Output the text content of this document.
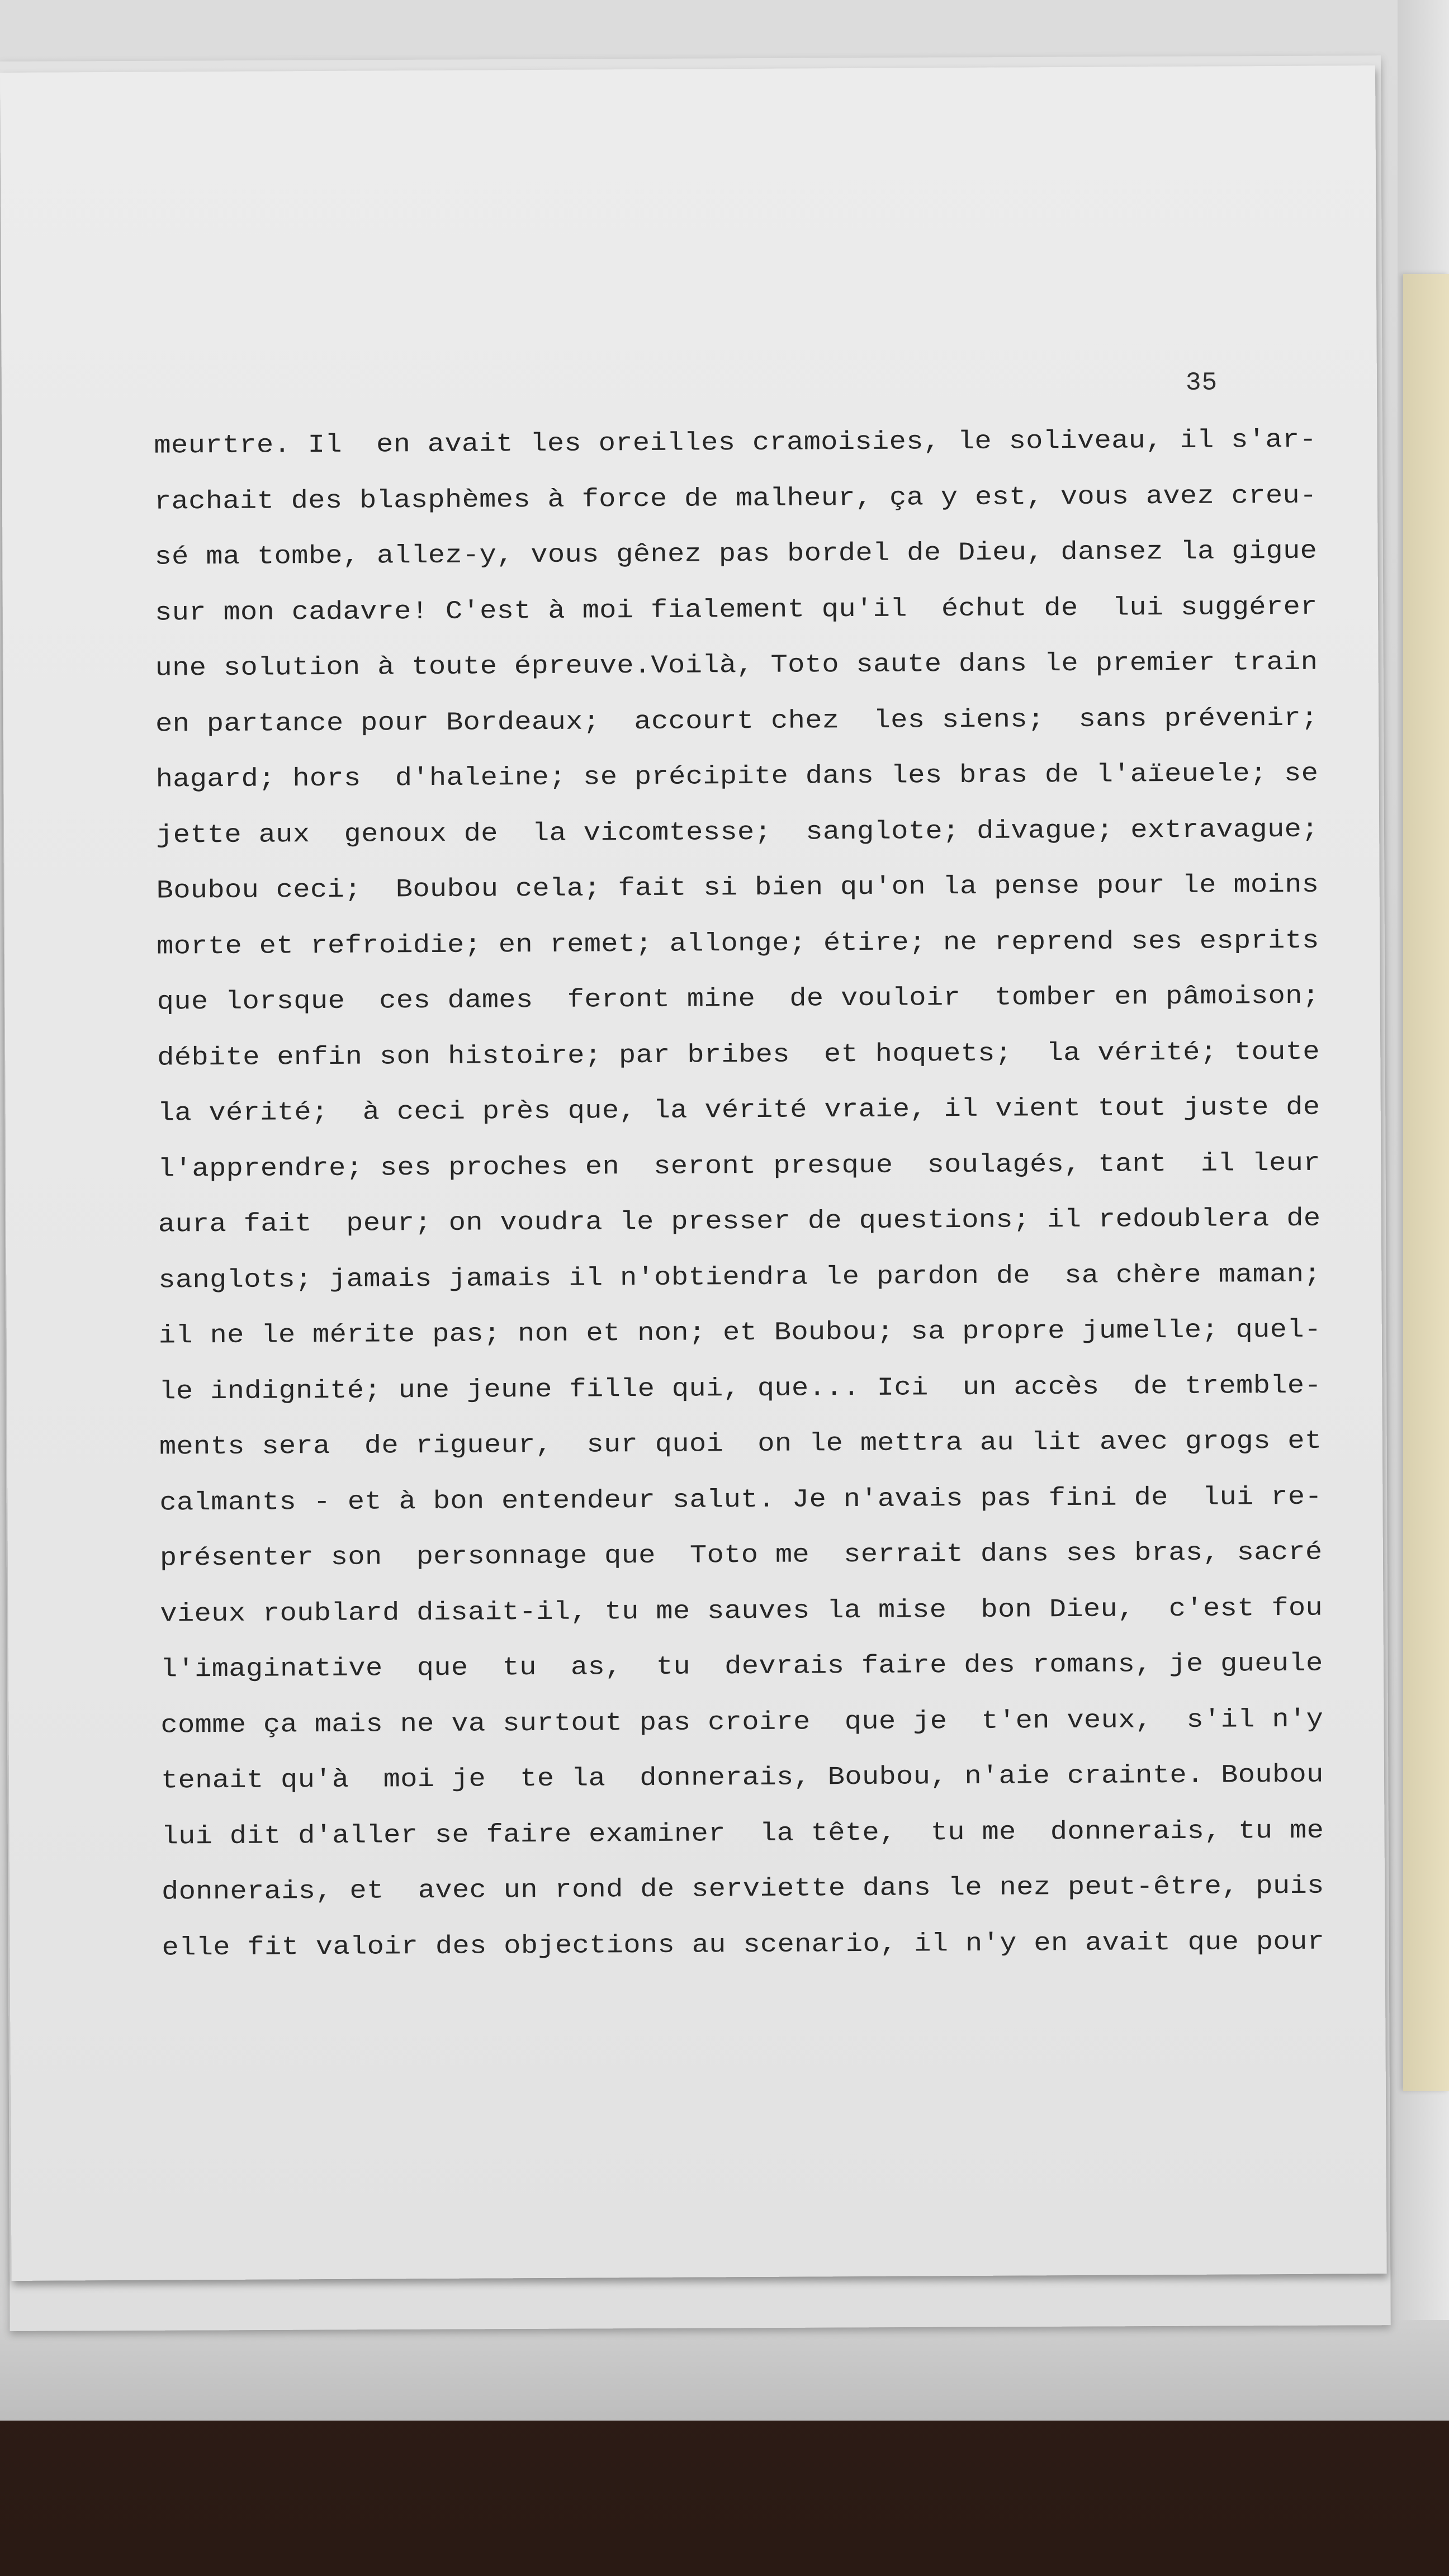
35
meurtre. Il  en avait les oreilles cramoisies, le soliveau, il s'ar-
rachait des blasphèmes à force de malheur, ça y est, vous avez creu-
sé ma tombe, allez-y, vous gênez pas bordel de Dieu, dansez la gigue
sur mon cadavre! C'est à moi fialement qu'il  échut de  lui suggérer
une solution à toute épreuve.Voilà, Toto saute dans le premier train
en partance pour Bordeaux;  accourt chez  les siens;  sans prévenir;
hagard; hors  d'haleine; se précipite dans les bras de l'aïeuele; se
jette aux  genoux de  la vicomtesse;  sanglote; divague; extravague;
Boubou ceci;  Boubou cela; fait si bien qu'on la pense pour le moins
morte et refroidie; en remet; allonge; étire; ne reprend ses esprits
que lorsque  ces dames  feront mine  de vouloir  tomber en pâmoison;
débite enfin son histoire; par bribes  et hoquets;  la vérité; toute
la vérité;  à ceci près que, la vérité vraie, il vient tout juste de
l'apprendre; ses proches en  seront presque  soulagés, tant  il leur
aura fait  peur; on voudra le presser de questions; il redoublera de
sanglots; jamais jamais il n'obtiendra le pardon de  sa chère maman;
il ne le mérite pas; non et non; et Boubou; sa propre jumelle; quel-
le indignité; une jeune fille qui, que... Ici  un accès  de tremble-
ments sera  de rigueur,  sur quoi  on le mettra au lit avec grogs et
calmants - et à bon entendeur salut. Je n'avais pas fini de  lui re-
présenter son  personnage que  Toto me  serrait dans ses bras, sacré
vieux roublard disait-il, tu me sauves la mise  bon Dieu,  c'est fou
l'imaginative  que  tu  as,  tu  devrais faire des romans, je gueule
comme ça mais ne va surtout pas croire  que je  t'en veux,  s'il n'y
tenait qu'à  moi je  te la  donnerais, Boubou, n'aie crainte. Boubou
lui dit d'aller se faire examiner  la tête,  tu me  donnerais, tu me
donnerais, et  avec un rond de serviette dans le nez peut-être, puis
elle fit valoir des objections au scenario, il n'y en avait que pour
